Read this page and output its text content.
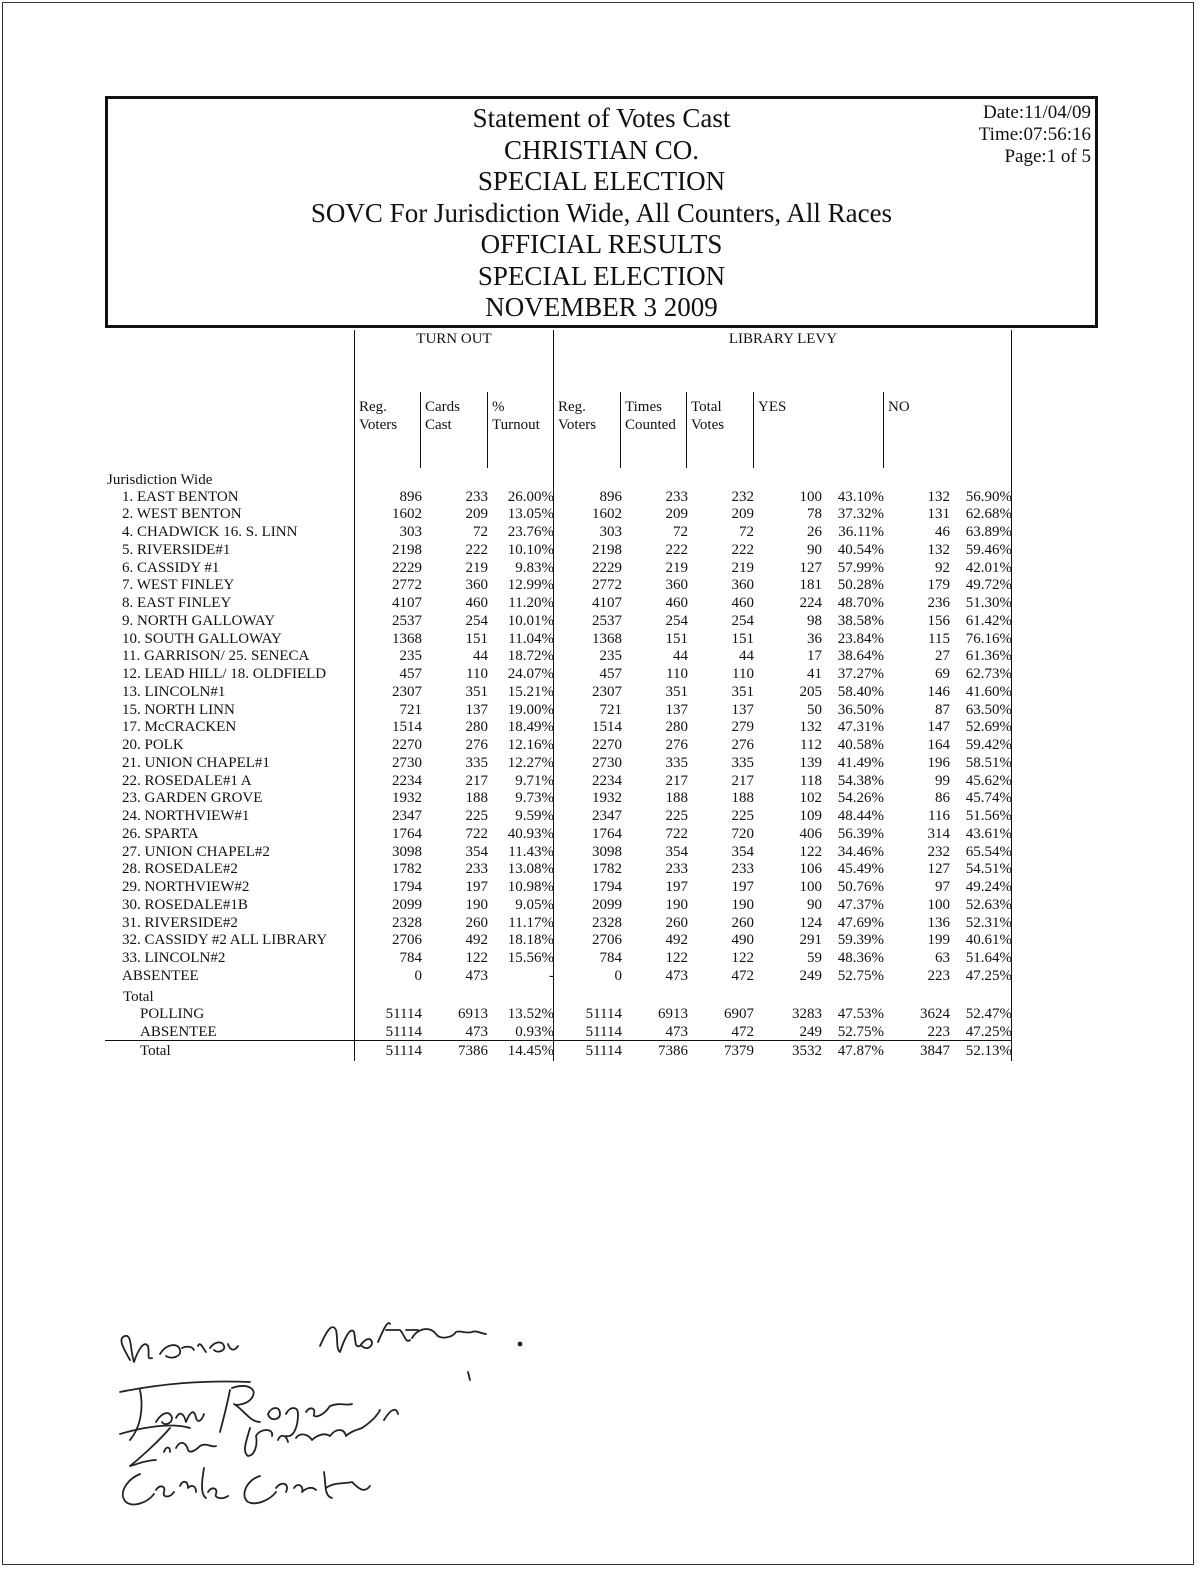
Statement of Votes Cast
CHRISTIAN CO.
SPECIAL ELECTION
SOVC For Jurisdiction Wide, All Counters, All Races
OFFICIAL RESULTS
SPECIAL ELECTION
NOVEMBER 3 2009
Date:11/04/09
Time:07:56:16
Page:1 of 5
TURN OUT	LIBRARY LEVY
Reg.
Voters
Cards
Cast
%
Turnout
Reg.
Voters
Times
Counted
Total
Votes
YES	NO
Jurisdiction Wide
1. EAST BENTON	896	233 26.00%	896	233	232	100 43.10%	132 56.90%
2. WEST BENTON	1602	209 13.05%	1602	209	209	78 37.32%	131 62.68%
4. CHADWICK 16. S. LINN	303	72 23.76%	303	72	72	26 36.11%	46 63.89%
5. RIVERSIDE#1	2198	222 10.10%	2198	222	222	90 40.54%	132 59.46%
6. CASSIDY #1	2229	219 9.83%	2229	219	219	127 57.99%	92 42.01%
7. WEST FINLEY	2772	360 12.99%	2772	360	360	181 50.28%	179 49.72%
8. EAST FINLEY	4107	460 11.20%	4107	460	460	224 48.70%	236 51.30%
9. NORTH GALLOWAY	2537	254 10.01%	2537	254	254	98 38.58%	156 61.42%
10. SOUTH GALLOWAY	1368	151 11.04%	1368	151	151	36 23.84%	115 76.16%
11. GARRISON/ 25. SENECA	235	44 18.72%	235	44	44	17 38.64%	27 61.36%
12. LEAD HILL/ 18. OLDFIELD	457	110 24.07%	457	110	110	41 37.27%	69 62.73%
13. LINCOLN#1	2307	351 15.21%	2307	351	351	205 58.40%	146 41.60%
15. NORTH LINN	721	137 19.00%	721	137	137	50 36.50%	87 63.50%
17. McCRACKEN	1514	280 18.49%	1514	280	279	132 47.31%	147 52.69%
20. POLK	2270	276 12.16%	2270	276	276	112 40.58%	164 59.42%
21. UNION CHAPEL#1	2730	335 12.27%	2730	335	335	139 41.49%	196 58.51%
22. ROSEDALE#1 A	2234	217 9.71%	2234	217	217	118 54.38%	99 45.62%
23. GARDEN GROVE	1932	188 9.73%	1932	188	188	102 54.26%	86 45.74%
24. NORTHVIEW#1	2347	225 9.59%	2347	225	225	109 48.44%	116 51.56%
26. SPARTA	1764	722 40.93%	1764	722	720	406 56.39%	314 43.61%
27. UNION CHAPEL#2	3098	354 11.43%	3098	354	354	122 34.46%	232 65.54%
28. ROSEDALE#2	1782	233 13.08%	1782	233	233	106 45.49%	127 54.51%
29. NORTHVIEW#2	1794	197 10.98%	1794	197	197	100 50.76%	97 49.24%
30. ROSEDALE#1B	2099	190 9.05%	2099	190	190	90 47.37%	100 52.63%
31. RIVERSIDE#2	2328	260 11.17%	2328	260	260	124 47.69%	136 52.31%
32. CASSIDY #2 ALL LIBRARY	2706	492 18.18%	2706	492	490	291 59.39%	199 40.61%
33. LINCOLN#2	784	122 15.56%	784	122	122	59 48.36%	63 51.64%
ABSENTEE	0	473	-	0	473	472	249 52.75%	223 47.25%
Total
POLLING	51114 6913 13.52% 51114 6913 6907	3283 47.53% 3624 52.47%
ABSENTEE	51114	473 0.93% 51114	473	472	249 52.75%	223 47.25%
Total	51114 7386 14.45% 51114 7386 7379	3532 47.87% 3847 52.13%
